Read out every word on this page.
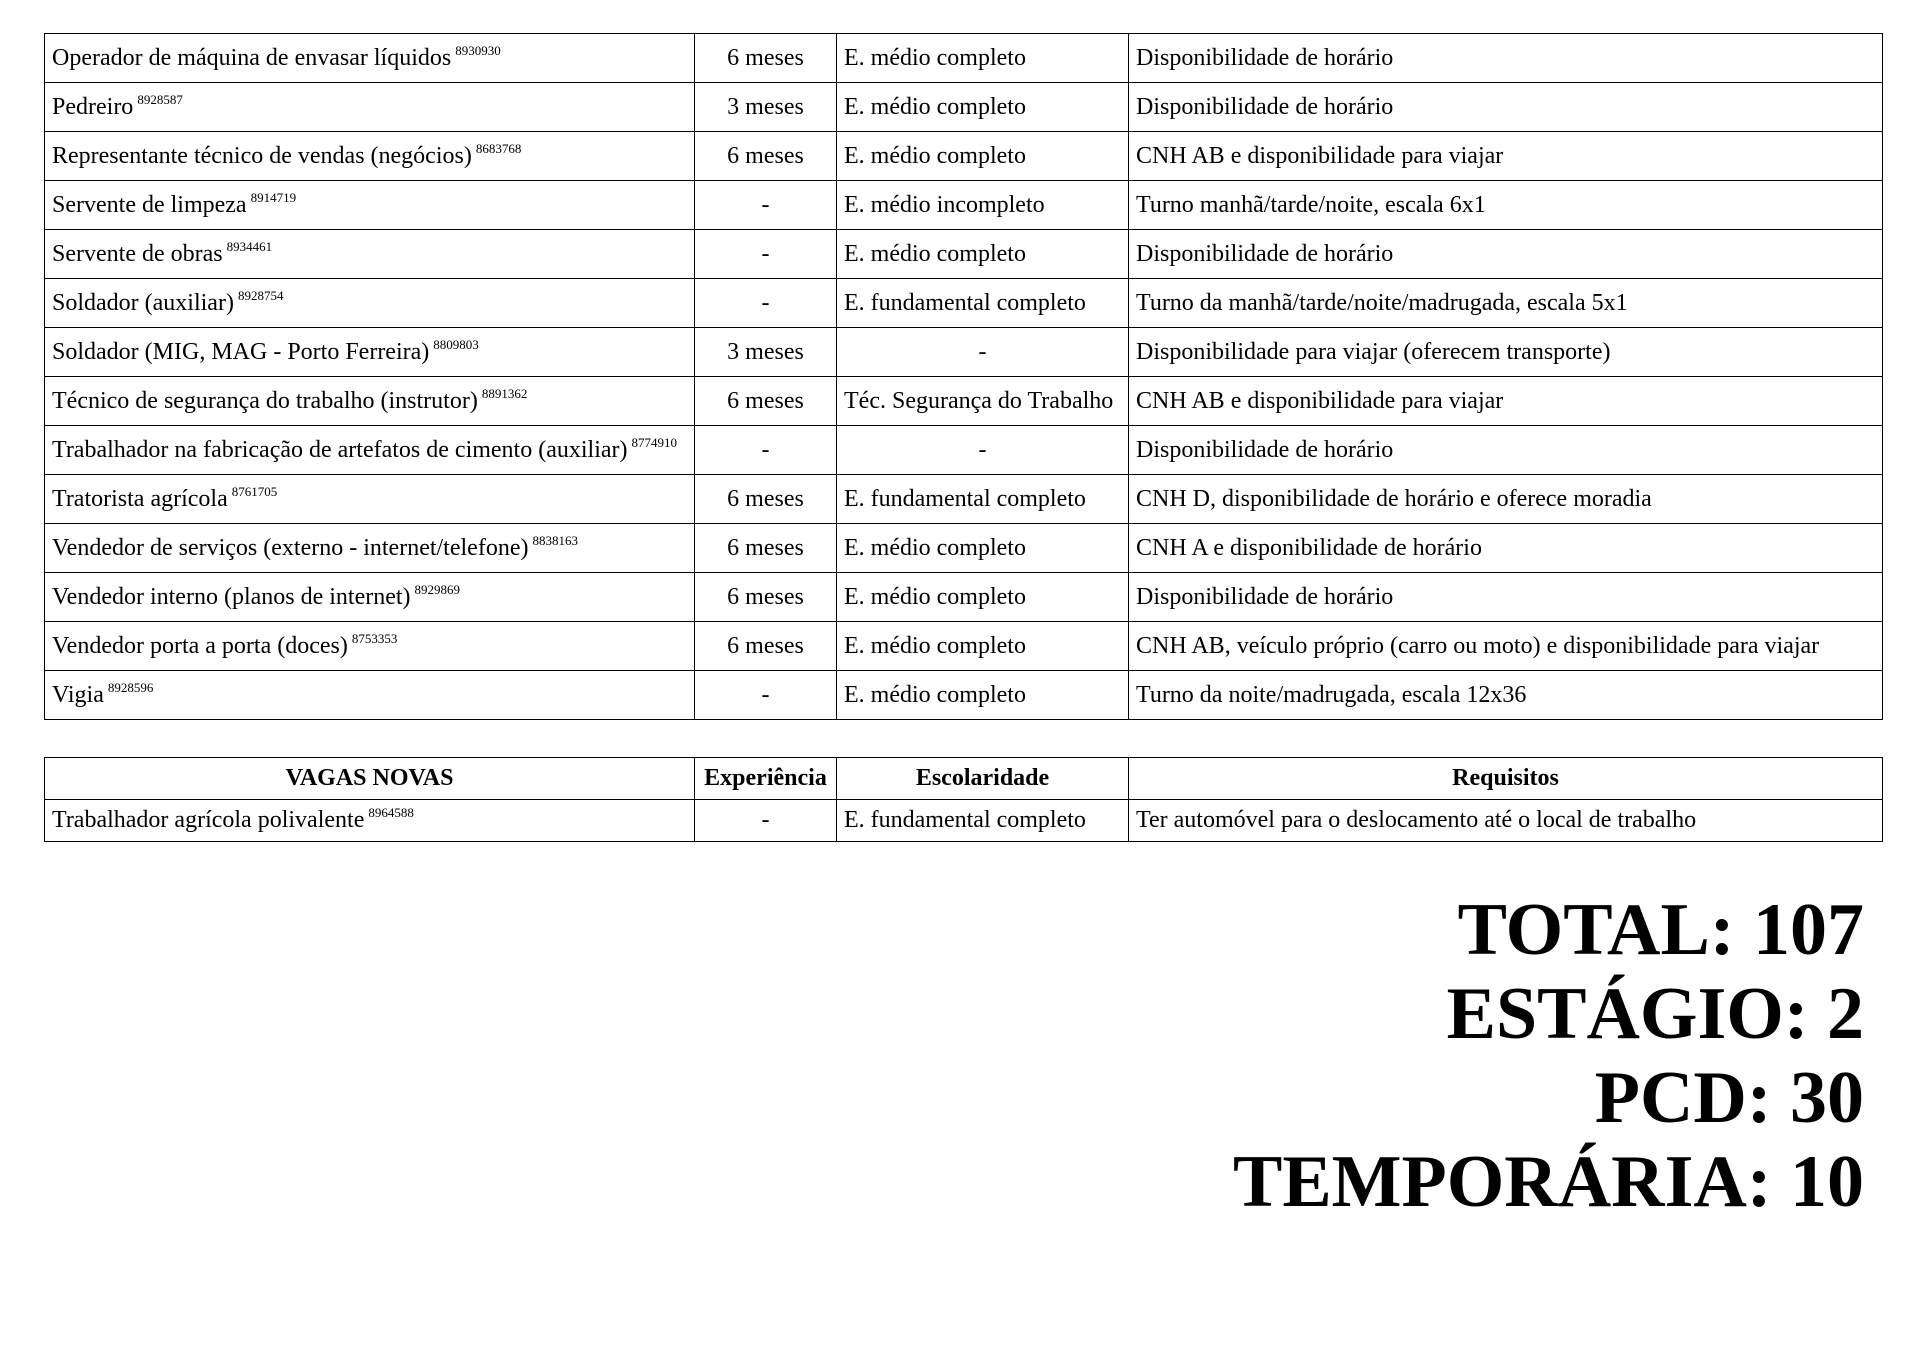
Operador de máquina de envasar líquidos $^{8930930}$	6 meses	E. médio completo	Disponibilidade de horário
Pedreiro $^{8928587}$	3 meses	E. médio completo	Disponibilidade de horário
Representante técnico de vendas (negócios) $^{8683768}$	6 meses	E. médio completo	CNH AB e disponibilidade para viajar
Servente de limpeza $^{8914719}$	-	E. médio incompleto	Turno manhã/tarde/noite, escala 6x1
Servente de obras $^{8934461}$	-	E. médio completo	Disponibilidade de horário
Soldador (auxiliar) $^{8928754}$	-	E. fundamental completo	Turno da manhã/tarde/noite/madrugada, escala 5x1
Soldador (MIG, MAG - Porto Ferreira) $^{8809803}$	3 meses	-	Disponibilidade para viajar (oferecem transporte)
Técnico de segurança do trabalho (instrutor) $^{8891362}$	6 meses	Téc. Segurança do Trabalho	CNH AB e disponibilidade para viajar
Trabalhador na fabricação de artefatos de cimento (auxiliar) $^{8774910}$	-	-	Disponibilidade de horário
Tratorista agrícola $^{8761705}$	6 meses	E. fundamental completo	CNH D, disponibilidade de horário e oferece moradia
Vendedor de serviços (externo - internet/telefone) $^{8838163}$	6 meses	E. médio completo	CNH A e disponibilidade de horário
Vendedor interno (planos de internet) $^{8929869}$	6 meses	E. médio completo	Disponibilidade de horário
Vendedor porta a porta (doces) $^{8753353}$	6 meses	E. médio completo	CNH AB, veículo próprio (carro ou moto) e disponibilidade para viajar
Vigia $^{8928596}$	-	E. médio completo	Turno da noite/madrugada, escala 12x36
VAGAS NOVAS	Experiência	Escolaridade	Requisitos
Trabalhador agrícola polivalente $^{8964588}$	-	E. fundamental completo	Ter automóvel para o deslocamento até o local de trabalho
TOTAL: 107
ESTÁGIO: 2
PCD: 30
TEMPORÁRIA: 10
